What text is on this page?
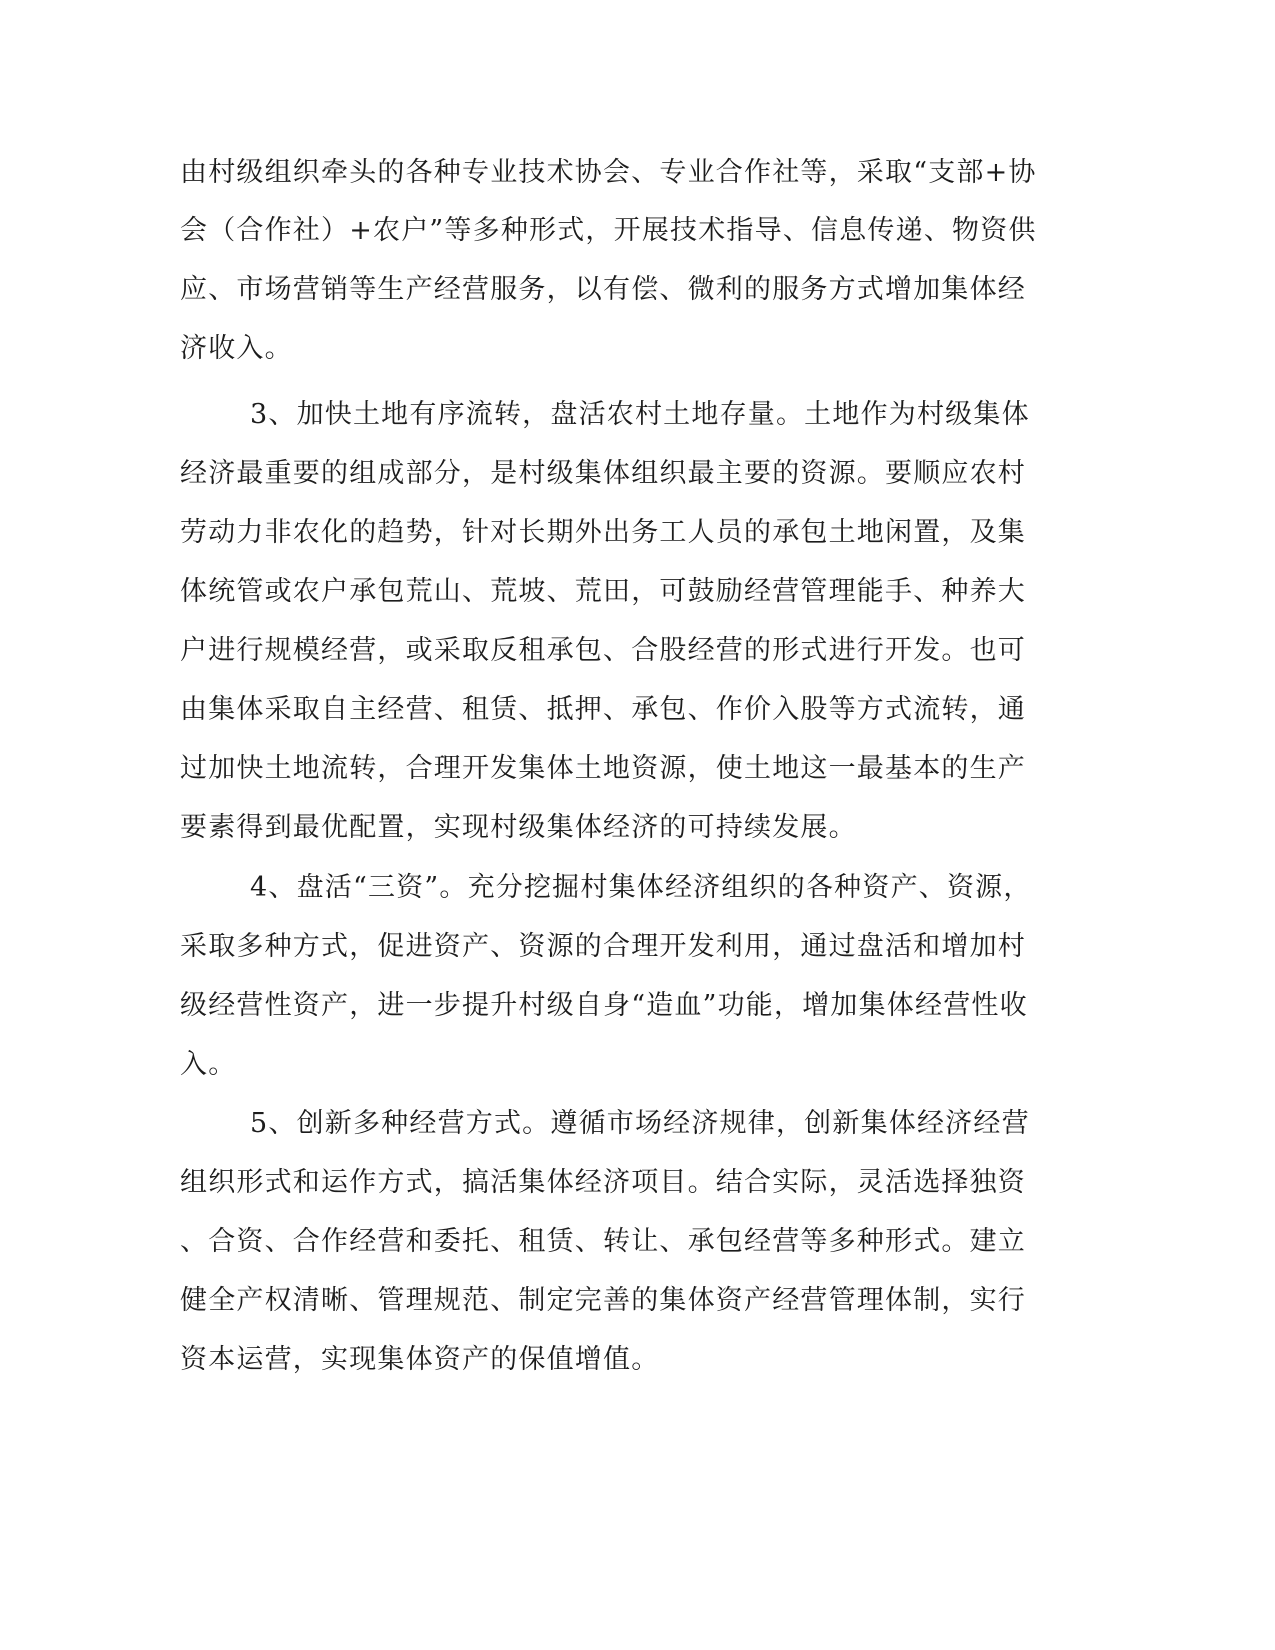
由村级组织牵头的各种专业技术协会、专业合作社等，采取“支部+协
会（合作社）+农户”等多种形式，开展技术指导、信息传递、物资供
应、市场营销等生产经营服务，以有偿、微利的服务方式增加集体经
济收入。
3、加快土地有序流转，盘活农村土地存量。土地作为村级集体
经济最重要的组成部分，是村级集体组织最主要的资源。要顺应农村
劳动力非农化的趋势，针对长期外出务工人员的承包土地闲置，及集
体统管或农户承包荒山、荒坡、荒田，可鼓励经营管理能手、种养大
户进行规模经营，或采取反租承包、合股经营的形式进行开发。也可
由集体采取自主经营、租赁、抵押、承包、作价入股等方式流转，通
过加快土地流转，合理开发集体土地资源，使土地这一最基本的生产
要素得到最优配置，实现村级集体经济的可持续发展。
4、盘活“三资”。充分挖掘村集体经济组织的各种资产、资源，
采取多种方式，促进资产、资源的合理开发利用，通过盘活和增加村
级经营性资产，进一步提升村级自身“造血”功能，增加集体经营性收
入。
5、创新多种经营方式。遵循市场经济规律，创新集体经济经营
组织形式和运作方式，搞活集体经济项目。结合实际，灵活选择独资
、合资、合作经营和委托、租赁、转让、承包经营等多种形式。建立
健全产权清晰、管理规范、制定完善的集体资产经营管理体制，实行
资本运营，实现集体资产的保值增值。
